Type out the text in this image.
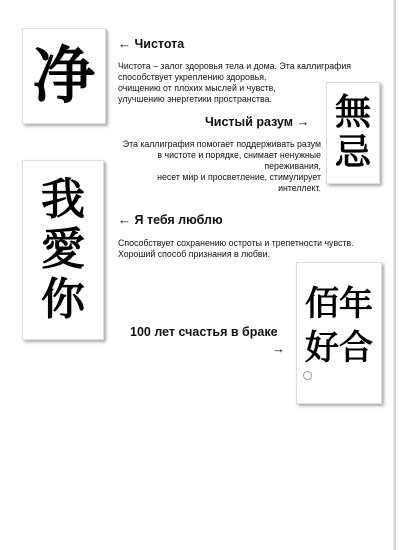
净 ← Чистота
Чистота – залог здоровья тела и дома. Эта каллиграфия
способствует укреплению здоровья,
очищению от плохих мыслей и чувств,
улучшению энергетики пространства.	無
忌
Чистый разум →
Эта каллиграфия помогает поддерживать разум
в чистоте и порядке, снимает ненужные
переживания,
несет мир и просветление, стимулирует
интеллект.
我
愛
你
← Я тебя люблю
Способствует сохранению остроты и трепетности чувств.
Хороший способ признания в любви.
佰 年
好 合
100 лет счастья в браке
→
